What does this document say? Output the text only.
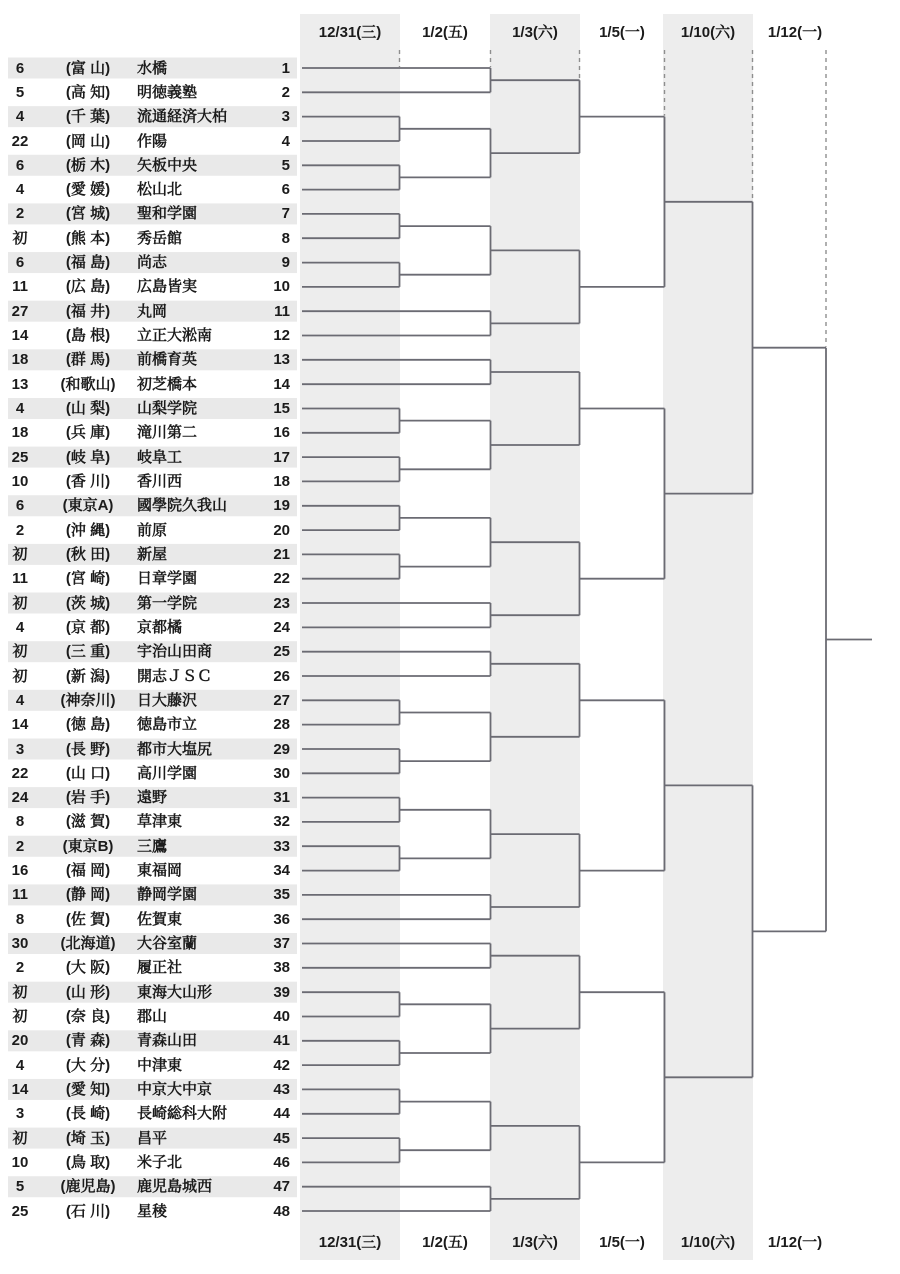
12/31(三)	1/2(五)	1/3(六)	1/5(一)	1/10(六)	1/12(一)
6	(富 山)	水橋	1
5	(高 知)	明徳義塾	2
4	(千 葉)	流通経済大柏	3
22	(岡 山)	作陽	4
6	(栃 木)	矢板中央	5
4	(愛 媛)	松山北	6
2	(宮 城)	聖和学園	7
初	(熊 本)	秀岳館	8
6	(福 島)	尚志	9
11	(広 島)	広島皆実	10
27	(福 井)	丸岡	11
14	(島 根)	立正大淞南	12
18	(群 馬)	前橋育英	13
13	(和歌山)	初芝橋本	14
4	(山 梨)	山梨学院	15
18	(兵 庫)	滝川第二	16
25	(岐 阜)	岐阜工	17
10	(香 川)	香川西	18
6	(東京A)	國學院久我山	19
2	(沖 縄)	前原	20
初	(秋 田)	新屋	21
11	(宮 崎)	日章学園	22
初	(茨 城)	第一学院	23
4	(京 都)	京都橘	24
初	(三 重)	宇治山田商	25
初	(新 潟)	開志ＪＳＣ	26
4	(神奈川)	日大藤沢	27
14	(徳 島)	徳島市立	28
3	(長 野)	都市大塩尻	29
22	(山 口)	高川学園	30
24	(岩 手)	遠野	31
8	(滋 賀)	草津東	32
2	(東京B)	三鷹	33
16	(福 岡)	東福岡	34
11	(静 岡)	静岡学園	35
8	(佐 賀)	佐賀東	36
30	(北海道)	大谷室蘭	37
2	(大 阪)	履正社	38
初	(山 形)	東海大山形	39
初	(奈 良)	郡山	40
20	(青 森)	青森山田	41
4	(大 分)	中津東	42
14	(愛 知)	中京大中京	43
3	(長 崎)	長崎総科大附	44
初	(埼 玉)	昌平	45
10	(鳥 取)	米子北	46
5	(鹿児島)	鹿児島城西	47
25	(石 川)	星稜	48
12/31(三)	1/2(五)	1/3(六)	1/5(一)	1/10(六)	1/12(一)
